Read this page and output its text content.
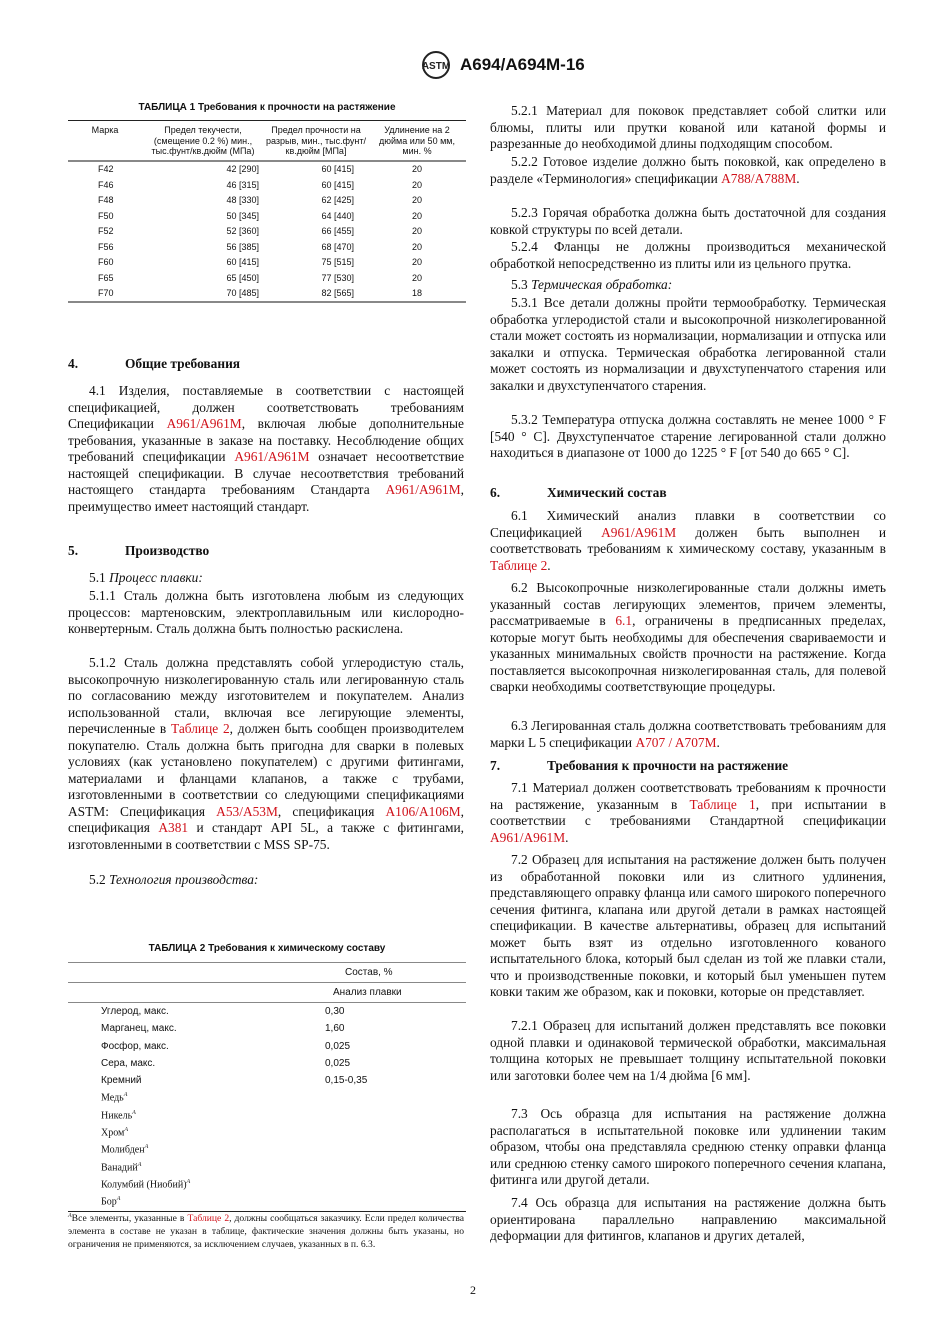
ASTM A694/A694M-16
ТАБЛИЦА 1 Требования к прочности на растяжение
Марка	Предел текучести, (смещение 0.2 %) мин., тыс.фунт/кв.дюйм (МПа)	Предел прочности на разрыв, мин., тыс.фунт/кв.дюйм [МПа]	Удлинение на 2 дюйма или 50 мм, мин. %
F42	42 [290]	60 [415]	20
F46	46 [315]	60 [415]	20
F48	48 [330]	62 [425]	20
F50	50 [345]	64 [440]	20
F52	52 [360]	66 [455]	20
F56	56 [385]	68 [470]	20
F60	60 [415]	75 [515]	20
F65	65 [450]	77 [530]	20
F70	70 [485]	82 [565]	18
4.	Общие требования
4.1 Изделия, поставляемые в соответствии с настоящей спецификацией, должен соответствовать требованиям Спецификации A961/A961M, включая любые дополнительные требования, указанные в заказе на поставку. Несоблюдение общих требований спецификации A961/A961M означает несоответствие настоящей спецификации. В случае несоответствия требований настоящего стандарта требованиям Стандарта A961/A961M, преимущество имеет настоящий стандарт.
5.	Производство
5.1 Процесс плавки:
5.1.1 Сталь должна быть изготовлена любым из следующих процессов: мартеновским, электроплавильным или кислородно-конвертерным. Сталь должна быть полностью раскислена.
5.1.2 Сталь должна представлять собой углеродистую сталь, высокопрочную низколегированную сталь или легированную сталь по согласованию между изготовителем и покупателем. Анализ использованной стали, включая все легирующие элементы, перечисленные в Таблице 2, должен быть сообщен производителем покупателю. Сталь должна быть пригодна для сварки в полевых условиях (как установлено покупателем) с другими фитингами, материалами и фланцами клапанов, а также с трубами, изготовленными в соответствии со следующими спецификациями ASTM: Спецификация A53/A53M, спецификация A106/A106M, спецификация A381 и стандарт API 5L, а также с фитингами, изготовленными в соответствии с MSS SP-75.
5.2 Технология производства:
ТАБЛИЦА 2 Требования к химическому составу
	Состав, %
	Анализ плавки
Углерод, макс.	0,30
Марганец, макс.	1,60
Фосфор, макс.	0,025
Сера, макс.	0,025
Кремний	0,15-0,35
Медь$^A$	
Никель$^A$	
Хром$^A$	
Молибден$^A$	
Ванадий$^A$	
Колумбий (Ниобий)$^A$	
Бор$^A$	
$^A$Все элементы, указанные в Таблице 2, должны сообщаться заказчику. Если предел количества элемента в составе не указан в таблице, фактические значения должны быть указаны, но ограничения не применяются, за исключением случаев, указанных в п. 6.3.
5.2.1 Материал для поковок представляет собой слитки или блюмы, плиты или прутки кованой или катаной формы и разрезанные до необходимой длины подходящим способом.
5.2.2 Готовое изделие должно быть поковкой, как определено в разделе «Терминология» спецификации A788/A788M.
5.2.3 Горячая обработка должна быть достаточной для создания ковкой структуры по всей детали.
5.2.4 Фланцы не должны производиться механической обработкой непосредственно из плиты или из цельного прутка.
5.3 Термическая обработка:
5.3.1 Все детали должны пройти термообработку. Термическая обработка углеродистой стали и высокопрочной низколегированной стали может состоять из нормализации, нормализации и отпуска или закалки и отпуска. Термическая обработка легированной стали может состоять из нормализации и двухступенчатого старения или закалки и двухступенчатого старения.
5.3.2 Температура отпуска должна составлять не менее 1000 ° F [540 ° C]. Двухступенчатое старение легированной стали должно находиться в диапазоне от 1000 до 1225 ° F [от 540 до 665 ° C].
6.	Химический состав
6.1 Химический анализ плавки в соответствии со Спецификацией A961/A961M должен быть выполнен и соответствовать требованиям к химическому составу, указанным в Таблице 2.
6.2 Высокопрочные низколегированные стали должны иметь указанный состав легирующих элементов, причем элементы, рассматриваемые в 6.1, ограничены в предписанных пределах, которые могут быть необходимы для обеспечения свариваемости и указанных минимальных свойств прочности на растяжение. Когда поставляется высокопрочная низколегированная сталь, для полевой сварки необходимы соответствующие процедуры.
6.3 Легированная сталь должна соответствовать требованиям для марки L 5 спецификации A707 / A707M.
7.	Требования к прочности на растяжение
7.1 Материал должен соответствовать требованиям к прочности на растяжение, указанным в Таблице 1, при испытании в соответствии с требованиями Стандартной спецификации A961/A961M.
7.2 Образец для испытания на растяжение должен быть получен из обработанной поковки или из слитного удлинения, представляющего оправку фланца или самого широкого поперечного сечения фитинга, клапана или другой детали в рамках настоящей спецификации. В качестве альтернативы, образец для испытаний может быть взят из отдельно изготовленного кованого испытательного блока, который был сделан из той же плавки стали, что и производственные поковки, и который был уменьшен путем ковки таким же образом, как и поковки, которые он представляет.
7.2.1 Образец для испытаний должен представлять все поковки одной плавки и одинаковой термической обработки, максимальная толщина которых не превышает толщину испытательной поковки или заготовки более чем на 1/4 дюйма [6 мм].
7.3 Ось образца для испытания на растяжение должна располагаться в испытательной поковке или удлинении таким образом, чтобы она представляла среднюю стенку оправки фланца или среднюю стенку самого широкого поперечного сечения клапана, фитинга или другой детали.
7.4 Ось образца для испытания на растяжение должна быть ориентирована параллельно направлению максимальной деформации для фитингов, клапанов и других деталей,
2
